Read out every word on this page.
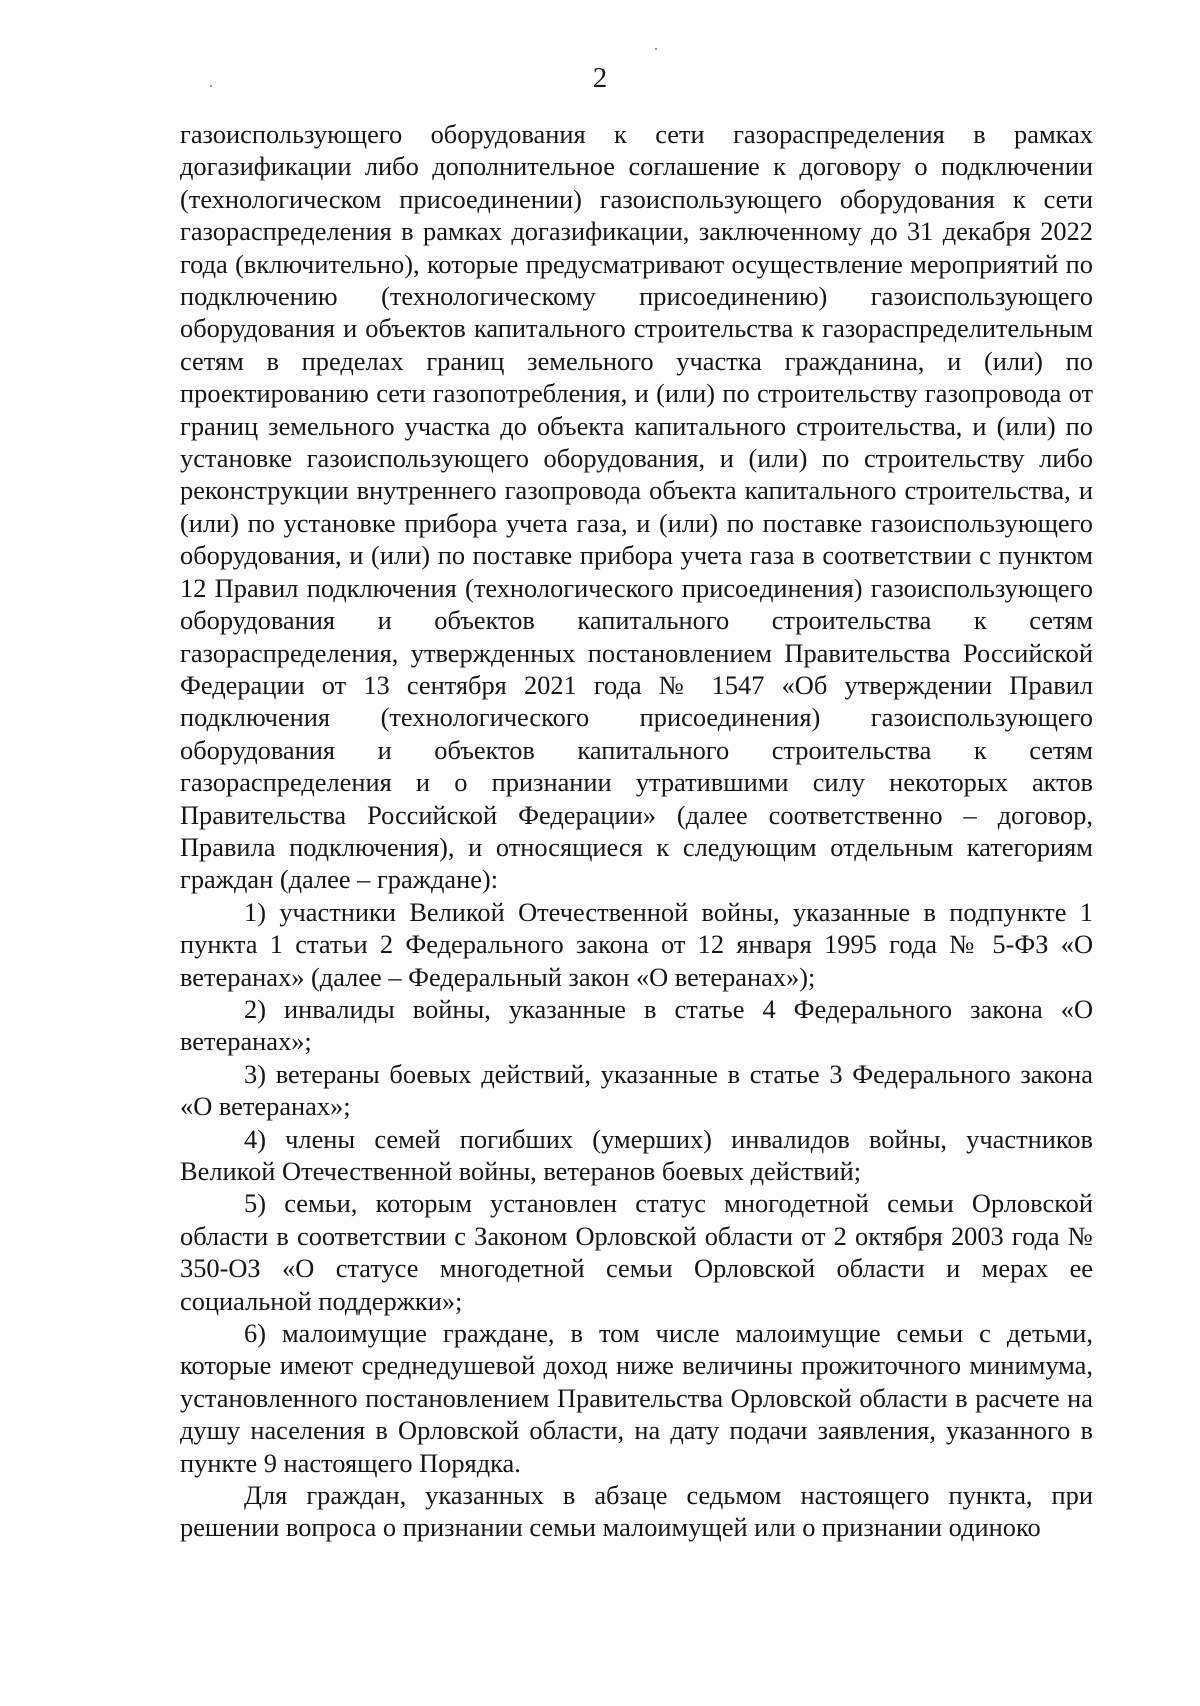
2

газоиспользующего оборудования к сети газораспределения в рамках догазификации либо дополнительное соглашение к договору о подключении (технологическом присоединении) газоиспользующего оборудования к сети газораспределения в рамках догазификации, заключенному до 31 декабря 2022 года (включительно), которые предусматривают осуществление мероприятий по подключению (технологическому присоединению) газоиспользующего оборудования и объектов капитального строительства к газораспределительным сетям в пределах границ земельного участка гражданина, и (или) по проектированию сети газопотребления, и (или) по строительству газопровода от границ земельного участка до объекта капитального строительства, и (или) по установке газоиспользующего оборудования, и (или) по строительству либо реконструкции внутреннего газопровода объекта капитального строительства, и (или) по установке прибора учета газа, и (или) по поставке газоиспользующего оборудования, и (или) по поставке прибора учета газа в соответствии с пунктом 12 Правил подключения (технологического присоединения) газоиспользующего оборудования и объектов капитального строительства к сетям газораспределения, утвержденных постановлением Правительства Российской Федерации от 13 сентября 2021 года № 1547 «Об утверждении Правил подключения (технологического присоединения) газоиспользующего оборудования и объектов капитального строительства к сетям газораспределения и о признании утратившими силу некоторых актов Правительства Российской Федерации» (далее соответственно – договор, Правила подключения), и относящиеся к следующим отдельным категориям граждан (далее – граждане):

1) участники Великой Отечественной войны, указанные в подпункте 1 пункта 1 статьи 2 Федерального закона от 12 января 1995 года № 5-ФЗ «О ветеранах» (далее – Федеральный закон «О ветеранах»);

2) инвалиды войны, указанные в статье 4 Федерального закона «О ветеранах»;

3) ветераны боевых действий, указанные в статье 3 Федерального закона «О ветеранах»;

4) члены семей погибших (умерших) инвалидов войны, участников Великой Отечественной войны, ветеранов боевых действий;

5) семьи, которым установлен статус многодетной семьи Орловской области в соответствии с Законом Орловской области от 2 октября 2003 года № 350-ОЗ «О статусе многодетной семьи Орловской области и мерах ее социальной поддержки»;

6) малоимущие граждане, в том числе малоимущие семьи с детьми, которые имеют среднедушевой доход ниже величины прожиточного минимума, установленного постановлением Правительства Орловской области в расчете на душу населения в Орловской области, на дату подачи заявления, указанного в пункте 9 настоящего Порядка.

Для граждан, указанных в абзаце седьмом настоящего пункта, при решении вопроса о признании семьи малоимущей или о признании одиноко
